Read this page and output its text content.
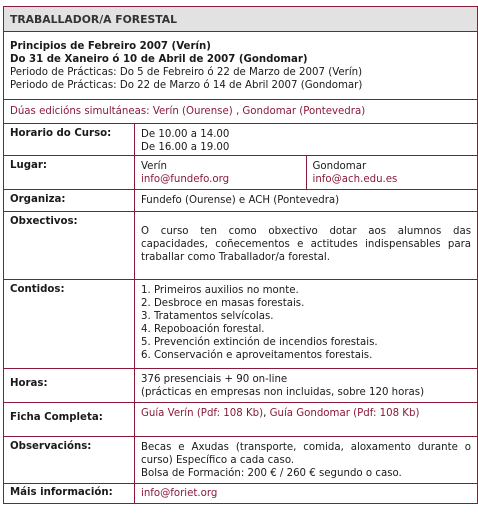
TRABALLADOR/A FORESTAL
Principios de Febreiro 2007 (Verín)
Do 31 de Xaneiro ó 10 de Abril de 2007 (Gondomar)
Periodo de Prácticas: Do 5 de Febreiro ó 22 de Marzo de 2007 (Verín)
Periodo de Prácticas: Do 22 de Marzo ó 14 de Abril 2007 (Gondomar)
Dúas edicións simultáneas: Verín (Ourense) , Gondomar (Pontevedra)
Horario do Curso:	De 10.00 a 14.00
De 16.00 a 19.00
Lugar:	Verín
info@fundefo.org
Gondomar
info@ach.edu.es
Organiza:	Fundefo (Ourense) e ACH (Pontevedra)
Obxectivos:
O curso ten como obxectivo dotar aos alumnos das capacidades, coñecementos e actitudes indispensables para traballar como Traballador/a forestal.
Contidos:	1. Primeiros auxilios no monte.
2. Desbroce en masas forestais.
3. Tratamentos selvícolas.
4. Repoboación forestal.
5. Prevención extinción de incendios forestais.
6. Conservación e aproveitamentos forestais.
Horas:	376 presenciais + 90 on-line
(prácticas en empresas non incluidas, sobre 120 horas)
Ficha Completa:	Guía Verín (Pdf: 108 Kb), Guía Gondomar (Pdf: 108 Kb)
Observacións:	Becas e Axudas (transporte, comida, aloxamento durante o curso) Específico a cada caso.
Bolsa de Formación: 200 € / 260 € segundo o caso.
Máis información:	info@foriet.org
